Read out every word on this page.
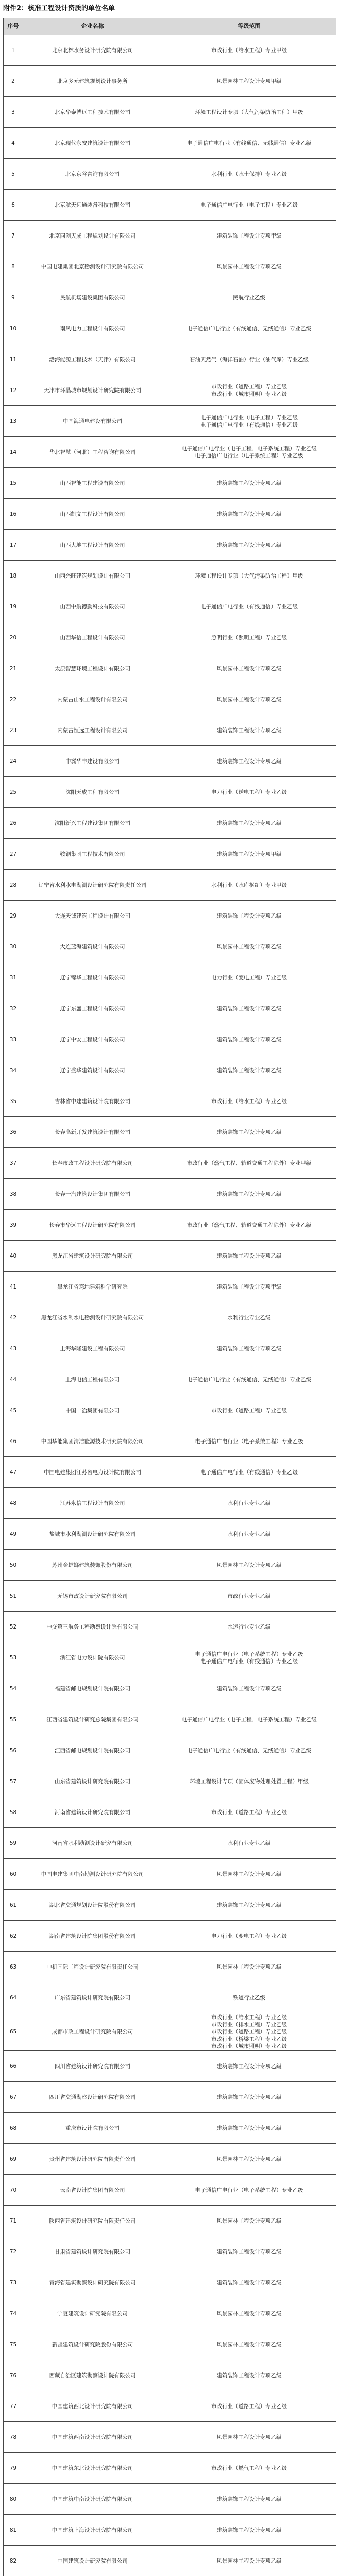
附件2：核准工程设计资质的单位名单
序号	企业名称	等级范围
1	北京北林水务设计研究院有限公司	市政行业（给水工程）专业甲级

2	北京多元建筑规划设计事务所	风景园林工程设计专项甲级

3	北京华泰博远工程技术有限公司	环境工程设计专项（大气污染防治工程）甲级

4	北京现代永安建筑设计有限公司	电子通信广电行业（有线通信、无线通信）专业乙级

5	北京京谷咨询有限公司	水利行业（水土保持）专业乙级

6	北京航天远通装备科技有限公司	电子通信广电行业（电子工程）专业乙级

7	北京同创天成工程规划设计有限公司	建筑装饰工程设计专项甲级

8	中国电建集团北京勘测设计研究院有限公司	风景园林工程设计专项乙级

9	民航机场建设集团有限公司	民航行业乙级

10	南风电力工程设计有限公司	电子通信广电行业（有线通信、无线通信）专业乙级

11	渤海能源工程技术（天津）有限公司	石油天然气（海洋石油）行业（油气库）专业乙级

12	天津市环晶城市规划设计研究院有限公司	市政行业（道路工程）专业乙级
市政行业（城市照明）专业乙级

13	中国海通电建设有限公司	电子通信广电行业（电子工程）专业乙级
电子通信广电行业（有线通信）专业乙级

14	华北智慧（河北）工程咨询有限公司	电子通信广电行业（电子工程、电子系统工程）专业乙级
电子通信广电行业（电子系统工程）专业乙级

15	山西智能工程建设有限公司	建筑装饰工程设计专项乙级

16	山西凯文工程设计有限公司	建筑装饰工程设计专项乙级

17	山西大地工程设计有限公司	建筑装饰工程设计专项乙级

18	山西兴旺建筑规划设计有限公司	环境工程设计专项（大气污染防治工程）甲级

19	山西中航德勤科技有限公司	电子通信广电行业（有线通信）专业乙级

20	山西华信工程设计有限公司	照明行业（照明工程）专业乙级

21	太原智慧环境工程设计有限公司	风景园林工程设计专项乙级

22	内蒙古山水工程设计有限公司	风景园林工程设计专项乙级

23	内蒙古恒远工程设计有限公司	建筑装饰工程设计专项乙级

24	中冀华丰建设有限公司	建筑装饰工程设计专项乙级

25	沈阳天成工程有限公司	电力行业（送电工程）专业乙级

26	沈阳新兴工程建设集团有限公司	建筑装饰工程设计专项乙级

27	鞍钢集团工程技术有限公司	建筑装饰工程设计专项甲级

28	辽宁省水利水电勘测设计研究院有限责任公司	水利行业（水库枢纽）专业甲级

29	大连天诚建筑工程设计有限公司	建筑装饰工程设计专项乙级

30	大连蓝海建筑设计有限公司	风景园林工程设计专项乙级

31	辽宁锦华工程设计有限公司	电力行业（变电工程）专业乙级

32	辽宁东盛工程设计有限公司	建筑装饰工程设计专项乙级

33	辽宁中安工程设计有限公司	建筑装饰工程设计专项乙级

34	辽宁盛华建筑设计有限公司	建筑装饰工程设计专项乙级

35	吉林省中建建筑设计院有限公司	市政行业（给水工程）专业乙级

36	长春高新开发建筑设计有限公司	建筑装饰工程设计专项乙级

37	长春市政工程设计研究院有限公司	市政行业（燃气工程、轨道交通工程除外）专业甲级

38	长春一汽建筑设计集团有限公司	建筑装饰工程设计专项乙级

39	长春市华远工程设计研究院有限公司	市政行业（燃气工程、轨道交通工程除外）专业乙级

40	黑龙江省建筑设计研究院有限公司	建筑装饰工程设计专项乙级

41	黑龙江省寒地建筑科学研究院	建筑装饰工程设计专项甲级

42	黑龙江省水利水电勘测设计研究院有限公司	水利行业专业乙级

43	上海华隆建设工程有限公司	建筑装饰工程设计专项乙级

44	上海电信工程有限公司	电子通信广电行业（有线通信、无线通信）专业乙级

45	中国一冶集团有限公司	市政行业（道路工程）专业乙级

46	中国华能集团清洁能源技术研究院有限公司	电子通信广电行业（电子系统工程）专业乙级

47	中国电建集团江苏省电力设计院有限公司	电子通信广电行业（有线通信）专业乙级

48	江苏永信工程设计有限公司	水利行业专业乙级

49	盐城市水利勘测设计研究院有限公司	水利行业专业乙级

50	苏州金螳螂建筑装饰股份有限公司	风景园林工程设计专项乙级

51	无锡市政设计研究院有限公司	市政行业专业乙级

52	中交第三航务工程勘察设计院有限公司	水运行业专业乙级

53	浙江省电力设计院有限公司	电子通信广电行业（电子系统工程）专业乙级
电子通信广电行业（有线通信）专业乙级

54	福建省邮电规划设计院有限公司	建筑装饰工程设计专项乙级

55	江西省建筑设计研究总院集团有限公司	电子通信广电行业（电子工程、电子系统工程）专业乙级

56	江西省邮电规划设计院有限公司	电子通信广电行业（有线通信、无线通信）专业乙级

57	山东省建筑设计研究院有限公司	环境工程设计专项（固体废物处理处置工程）甲级

58	河南省建筑设计研究院有限公司	市政行业（道路工程）专业乙级

59	河南省水利勘测设计研究有限公司	水利行业专业乙级

60	中国电建集团中南勘测设计研究院有限公司	风景园林工程设计专项乙级

61	湖北省交通规划设计院股份有限公司	建筑装饰工程设计专项乙级

62	湖南省建筑设计院集团股份有限公司	电力行业（变电工程）专业乙级

63	中机国际工程设计研究院有限责任公司	风景园林工程设计专项乙级

64	广东省建筑设计研究院有限公司	铁道行业乙级

65	成都市政工程设计研究院有限公司	市政行业（给水工程）专业乙级
市政行业（排水工程）专业乙级
市政行业（道路工程）专业乙级
市政行业（桥梁工程）专业乙级
市政行业（城市照明）专业乙级

66	四川省建筑设计研究院有限公司	建筑装饰工程设计专项乙级

67	四川省交通勘察设计研究院有限公司	建筑装饰工程设计专项乙级

68	重庆市设计院有限公司	建筑装饰工程设计专项乙级

69	贵州省建筑设计研究院有限责任公司	风景园林工程设计专项乙级

70	云南省设计院集团有限公司	电子通信广电行业（电子系统工程）专业乙级

71	陕西省建筑设计研究院有限责任公司	风景园林工程设计专项乙级

72	甘肃省建筑设计研究院有限公司	建筑装饰工程设计专项乙级

73	青海省建筑勘察设计研究院有限公司	建筑装饰工程设计专项乙级

74	宁夏建筑设计研究院有限公司	风景园林工程设计专项乙级

75	新疆建筑设计研究院股份有限公司	风景园林工程设计专项乙级

76	西藏自治区建筑勘察设计院有限公司	建筑装饰工程设计专项乙级

77	中国建筑西北设计研究院有限公司	市政行业（道路工程）专业乙级

78	中国建筑西南设计研究院有限公司	风景园林工程设计专项乙级

79	中国建筑东北设计研究院有限公司	市政行业（燃气工程）专业乙级

80	中国建筑中南设计研究院有限公司	建筑装饰工程设计专项乙级

81	中国建筑上海设计研究院有限公司	建筑装饰工程设计专项乙级

82	中国建筑设计研究院有限公司	风景园林工程设计专项乙级
